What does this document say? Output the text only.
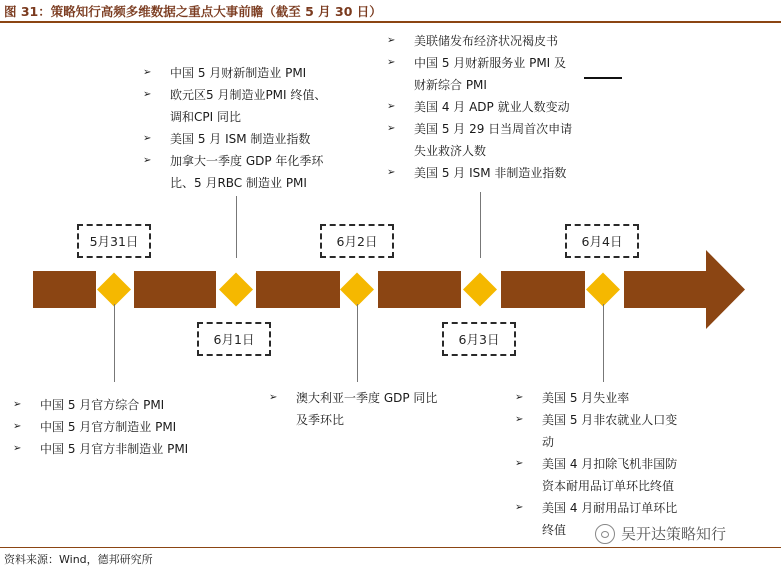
图 31：策略知行高频多维数据之重点大事前瞻（截至 5 月 30 日）
5月31日
6月1日
6月2日
6月3日
6月4日
➢ 中国 5 月财新制造业 PMI
➢ 欧元区5 月制造业PMI 终值、
调和CPI 同比
➢ 美国 5 月 ISM 制造业指数
➢ 加拿大一季度 GDP 年化季环
比、5 月RBC 制造业 PMI
➢ 美联储发布经济状况褐皮书
➢ 中国 5 月财新服务业 PMI 及
财新综合 PMI
➢ 美国 4 月 ADP 就业人数变动
➢ 美国 5 月 29 日当周首次申请
失业救济人数
➢ 美国 5 月 ISM 非制造业指数
➢ 中国 5 月官方综合 PMI
➢ 中国 5 月官方制造业 PMI
➢ 中国 5 月官方非制造业 PMI
➢ 澳大利亚一季度 GDP 同比
及季环比
➢ 美国 5 月失业率
➢ 美国 5 月非农就业人口变
动
➢ 美国 4 月扣除飞机非国防
资本耐用品订单环比终值
➢ 美国 4 月耐用品订单环比
终值
资料来源：Wind，德邦研究所
吴开达策略知行
